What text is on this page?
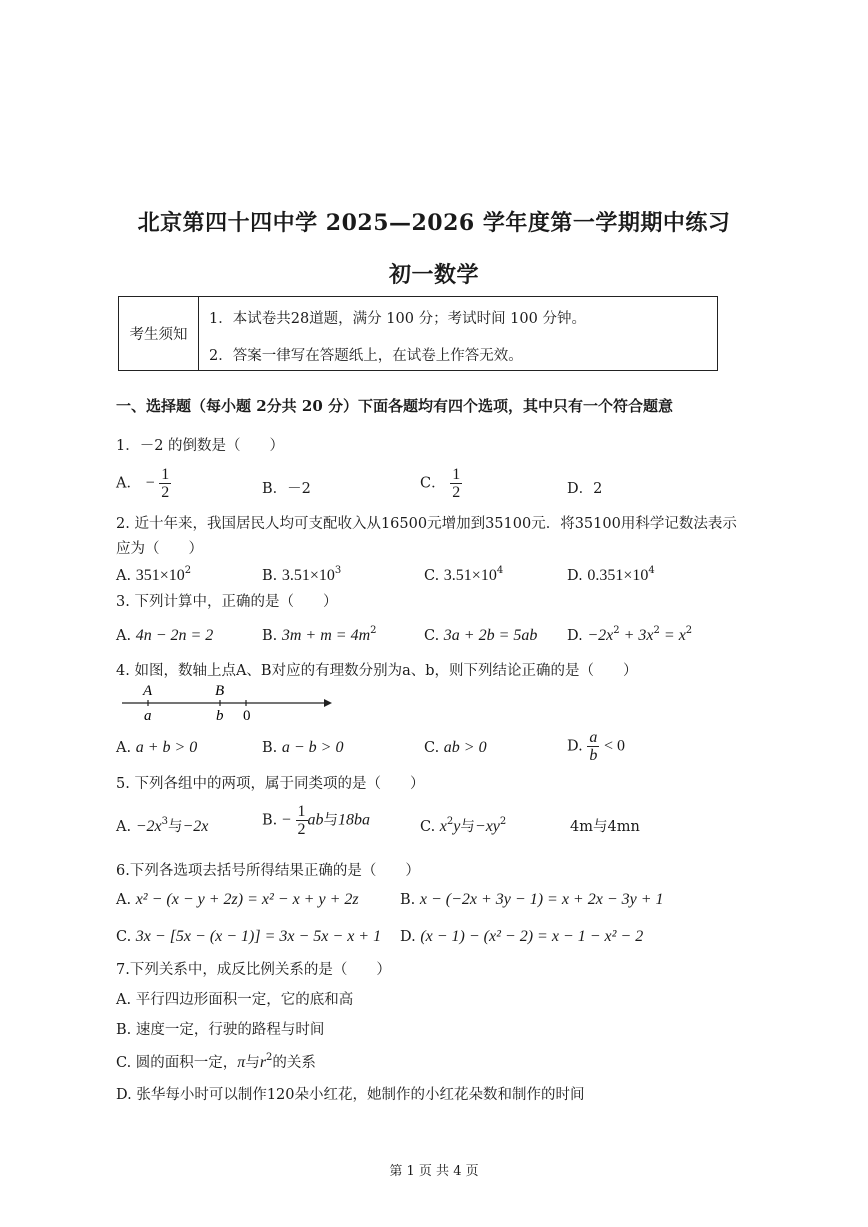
北京第四十四中学 2025—2026 学年度第一学期期中练习
初一数学
考生须知
1．本试卷共28道题，满分 100 分；考试时间 100 分钟。
2．答案一律写在答题纸上，在试卷上作答无效。
一、选择题（每小题 2分共 20 分）下面各题均有四个选项，其中只有一个符合题意
1．－2 的倒数是（　　）
A． − $\frac{1}{2}$	B．－2	C． $\frac{1}{2}$	D．2
2. 近十年来，我国居民人均可支配收入从16500元增加到35100元．将35100用科学记数法表示
应为（　　）
A. $351\times 10^2$	B. $3.51\times 10^3$	C. $3.51\times 10^4$	D. $0.351\times 10^4$
3. 下列计算中，正确的是（　　）
A. 4n − 2n = 2	B. $3m + m = 4m^2$	C. 3a + 2b = 5ab D. $-2x^2 + 3x^2 = x^2$
4. 如图，数轴上点A、B对应的有理数分别为a、b，则下列结论正确的是（　　）
A	B
a	b 0
A. a + b > 0	B. a − b > 0	C. ab > 0	D. $\frac{a}{b} < 0$
5. 下列各组中的两项，属于同类项的是（　　）
A. $-2x^3$与−2x	B. − $\frac{1}{2}$ ab与18ba	C. $x^2y$与$-xy^2$	4m与4mn
6.下列各选项去括号所得结果正确的是（　　）
A. x² − (x − y + 2z) = x² − x + y + 2z	B. x − (−2x + 3y − 1) = x + 2x − 3y + 1
C. 3x − [5x − (x − 1)] = 3x − 5x − x + 1 D. (x − 1) − (x² − 2) = x − 1 − x² − 2
7.下列关系中，成反比例关系的是（　　）
A. 平行四边形面积一定，它的底和高
B. 速度一定，行驶的路程与时间
C. 圆的面积一定，π与$r^2$的关系
D. 张华每小时可以制作120朵小红花，她制作的小红花朵数和制作的时间
第 1 页 共 4 页
